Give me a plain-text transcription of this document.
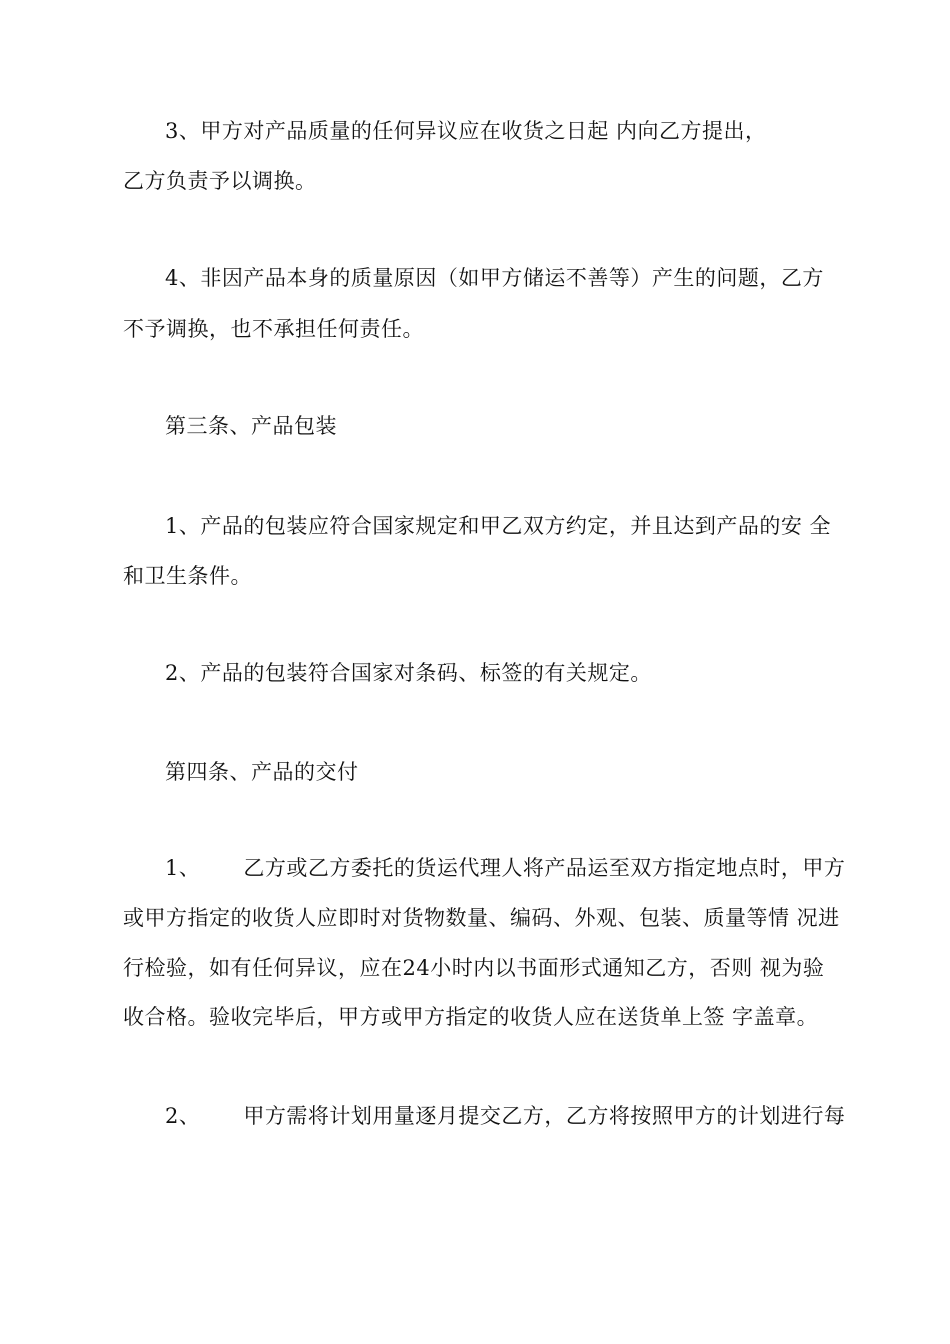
3、甲方对产品质量的任何异议应在收货之日起 内向乙方提出，
乙方负责予以调换。
4、非因产品本身的质量原因（如甲方储运不善等）产生的问题，乙方
不予调换，也不承担任何责任。
第三条、产品包装
1、产品的包装应符合国家规定和甲乙双方约定，并且达到产品的安 全
和卫生条件。
2、产品的包装符合国家对条码、标签的有关规定。
第四条、产品的交付
1、      乙方或乙方委托的货运代理人将产品运至双方指定地点时，甲方
或甲方指定的收货人应即时对货物数量、编码、外观、包装、质量等情 况进
行检验，如有任何异议，应在24小时内以书面形式通知乙方，否则 视为验
收合格。验收完毕后，甲方或甲方指定的收货人应在送货单上签 字盖章。
2、      甲方需将计划用量逐月提交乙方，乙方将按照甲方的计划进行每
